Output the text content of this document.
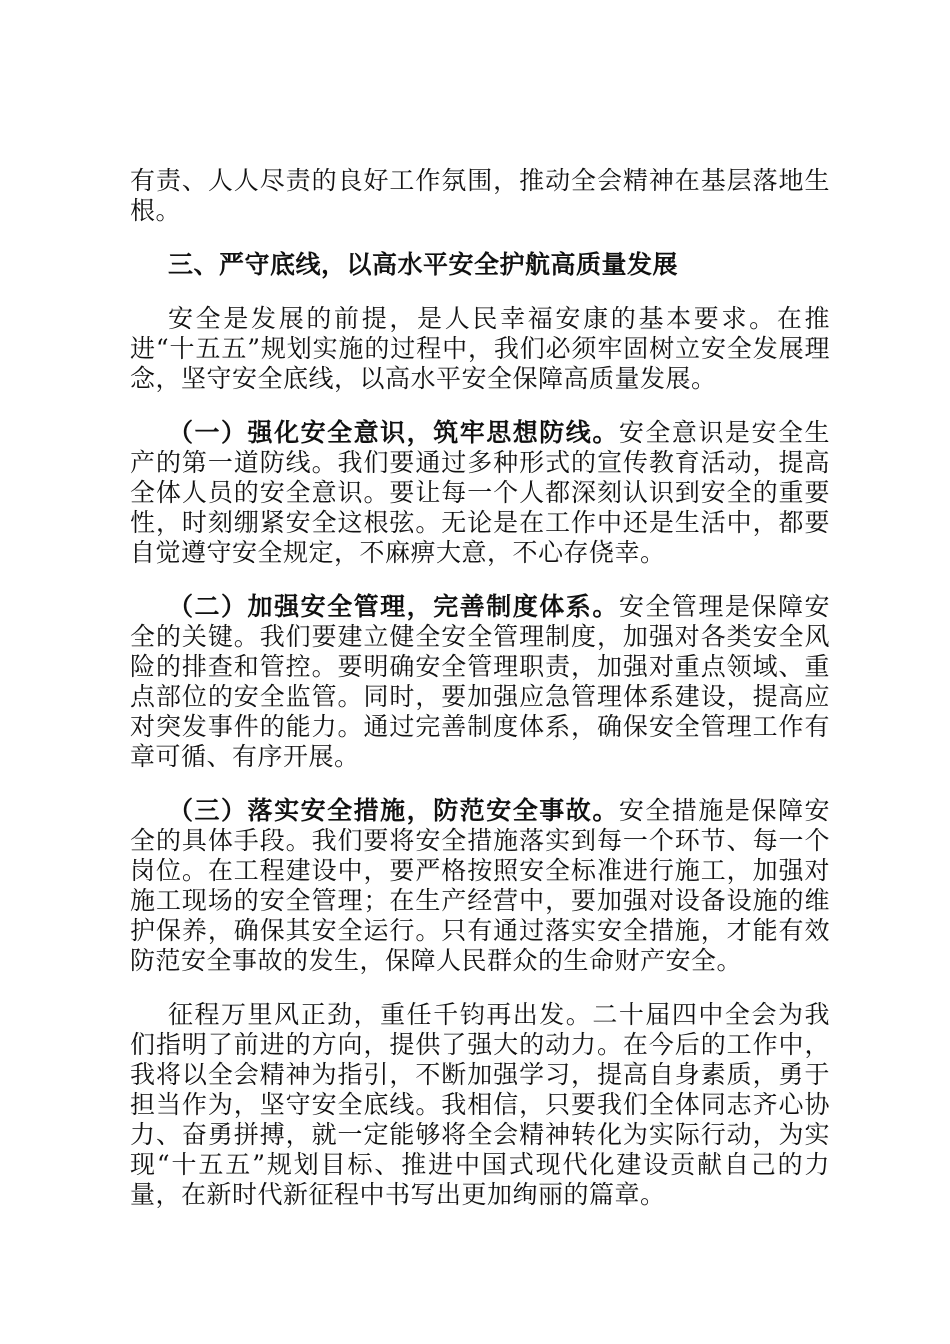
有责、人人尽责的良好工作氛围，推动全会精神在基层落地生根。

三、严守底线，以高水平安全护航高质量发展

安全是发展的前提，是人民幸福安康的基本要求。在推进“十五五”规划实施的过程中，我们必须牢固树立安全发展理念，坚守安全底线，以高水平安全保障高质量发展。

（一）强化安全意识，筑牢思想防线。安全意识是安全生产的第一道防线。我们要通过多种形式的宣传教育活动，提高全体人员的安全意识。要让每一个人都深刻认识到安全的重要性，时刻绷紧安全这根弦。无论是在工作中还是生活中，都要自觉遵守安全规定，不麻痹大意，不心存侥幸。

（二）加强安全管理，完善制度体系。安全管理是保障安全的关键。我们要建立健全安全管理制度，加强对各类安全风险的排查和管控。要明确安全管理职责，加强对重点领域、重点部位的安全监管。同时，要加强应急管理体系建设，提高应对突发事件的能力。通过完善制度体系，确保安全管理工作有章可循、有序开展。

（三）落实安全措施，防范安全事故。安全措施是保障安全的具体手段。我们要将安全措施落实到每一个环节、每一个岗位。在工程建设中，要严格按照安全标准进行施工，加强对施工现场的安全管理；在生产经营中，要加强对设备设施的维护保养，确保其安全运行。只有通过落实安全措施，才能有效防范安全事故的发生，保障人民群众的生命财产安全。

征程万里风正劲，重任千钧再出发。二十届四中全会为我们指明了前进的方向，提供了强大的动力。在今后的工作中，我将以全会精神为指引，不断加强学习，提高自身素质，勇于担当作为，坚守安全底线。我相信，只要我们全体同志齐心协力、奋勇拼搏，就一定能够将全会精神转化为实际行动，为实现“十五五”规划目标、推进中国式现代化建设贡献自己的力量，在新时代新征程中书写出更加绚丽的篇章。
